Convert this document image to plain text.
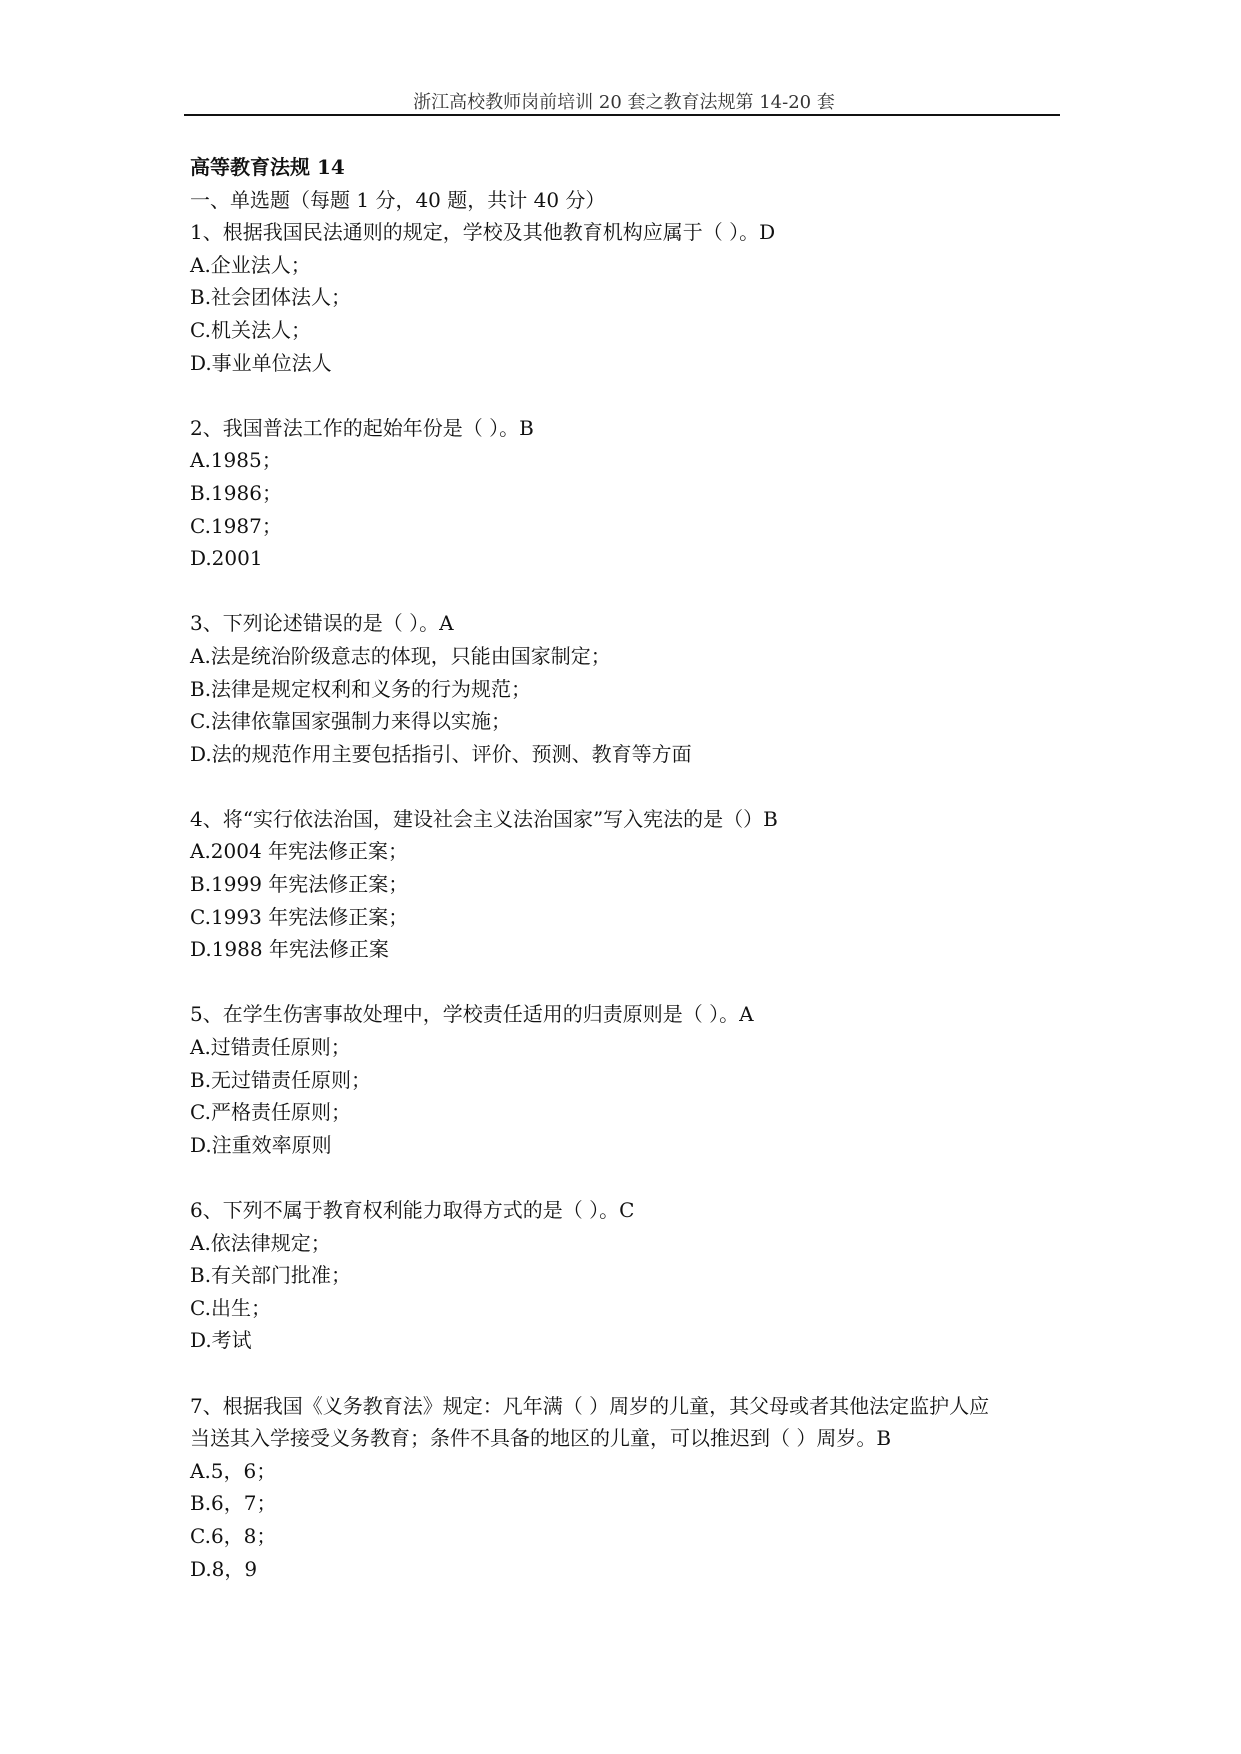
浙江高校教师岗前培训 20 套之教育法规第 14-20 套
高等教育法规 14
一、单选题（每题 1 分，40 题，共计 40 分）
1、根据我国民法通则的规定，学校及其他教育机构应属于（ ）。D
A.企业法人；
B.社会团体法人；
C.机关法人；
D.事业单位法人
2、我国普法工作的起始年份是（ ）。B
A.1985；
B.1986；
C.1987；
D.2001
3、下列论述错误的是（ ）。A
A.法是统治阶级意志的体现，只能由国家制定；
B.法律是规定权利和义务的行为规范；
C.法律依靠国家强制力来得以实施；
D.法的规范作用主要包括指引、评价、预测、教育等方面
4、将“实行依法治国，建设社会主义法治国家”写入宪法的是（）B
A.2004 年宪法修正案；
B.1999 年宪法修正案；
C.1993 年宪法修正案；
D.1988 年宪法修正案
5、在学生伤害事故处理中，学校责任适用的归责原则是（ ）。A
A.过错责任原则；
B.无过错责任原则；
C.严格责任原则；
D.注重效率原则
6、下列不属于教育权利能力取得方式的是（ ）。C
A.依法律规定；
B.有关部门批准；
C.出生；
D.考试
7、根据我国《义务教育法》规定：凡年满（ ）周岁的儿童，其父母或者其他法定监护人应
当送其入学接受义务教育；条件不具备的地区的儿童，可以推迟到（ ）周岁。B
A.5，6；
B.6，7；
C.6，8；
D.8，9
